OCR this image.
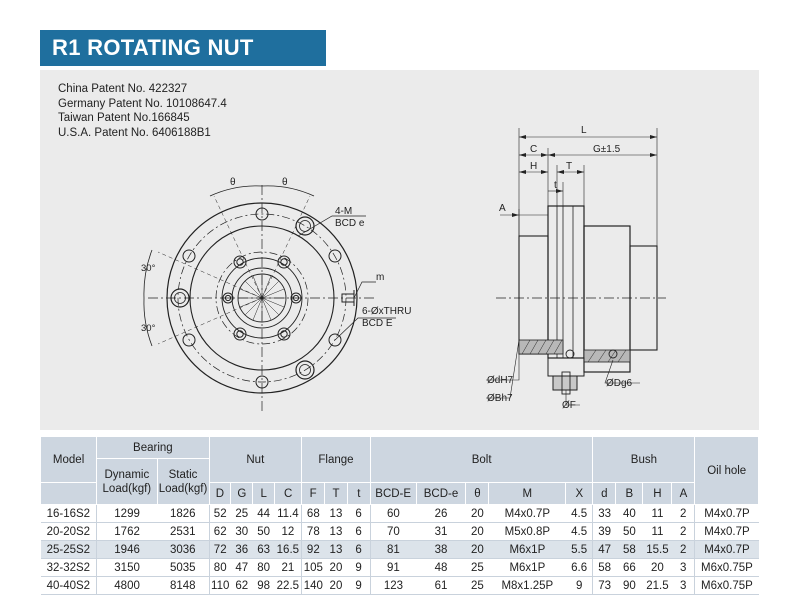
R1 ROTATING NUT
China Patent No. 422327
Germany Patent No. 10108647.4
Taiwan Patent No.166845
U.S.A. Patent No. 6406188B1
θ	θ
30°
30°
4-M
BCD e
m
6-ØxTHRU
BCD E
L
C	G±1.5
H	T
t
A
ØdH7
ØBh7
ØF
ØDg6
Model	Bearing		Nut				Flange			Bolt					Bush				Oil hole
	Dynamic Load(kgf)	Static Load(kgf)																	
			D	G	L	C	F	T	t	BCD-E	BCD-e	θ	M	X	d	B	H	A	
16-16S2	1299	1826	52	25	44	11.4	68	13	6	60	26	20	M4x0.7P	4.5	33	40	11	2	M4x0.7P
20-20S2	1762	2531	62	30	50	12	78	13	6	70	31	20	M5x0.8P	4.5	39	50	11	2	M4x0.7P
25-25S2	1946	3036	72	36	63	16.5	92	13	6	81	38	20	M6x1P	5.5	47	58	15.5	2	M4x0.7P
32-32S2	3150	5035	80	47	80	21	105	20	9	91	48	25	M6x1P	6.6	58	66	20	3	M6x0.75P
40-40S2	4800	8148	110	62	98	22.5	140	20	9	123	61	25	M8x1.25P	9	73	90	21.5	3	M6x0.75P
